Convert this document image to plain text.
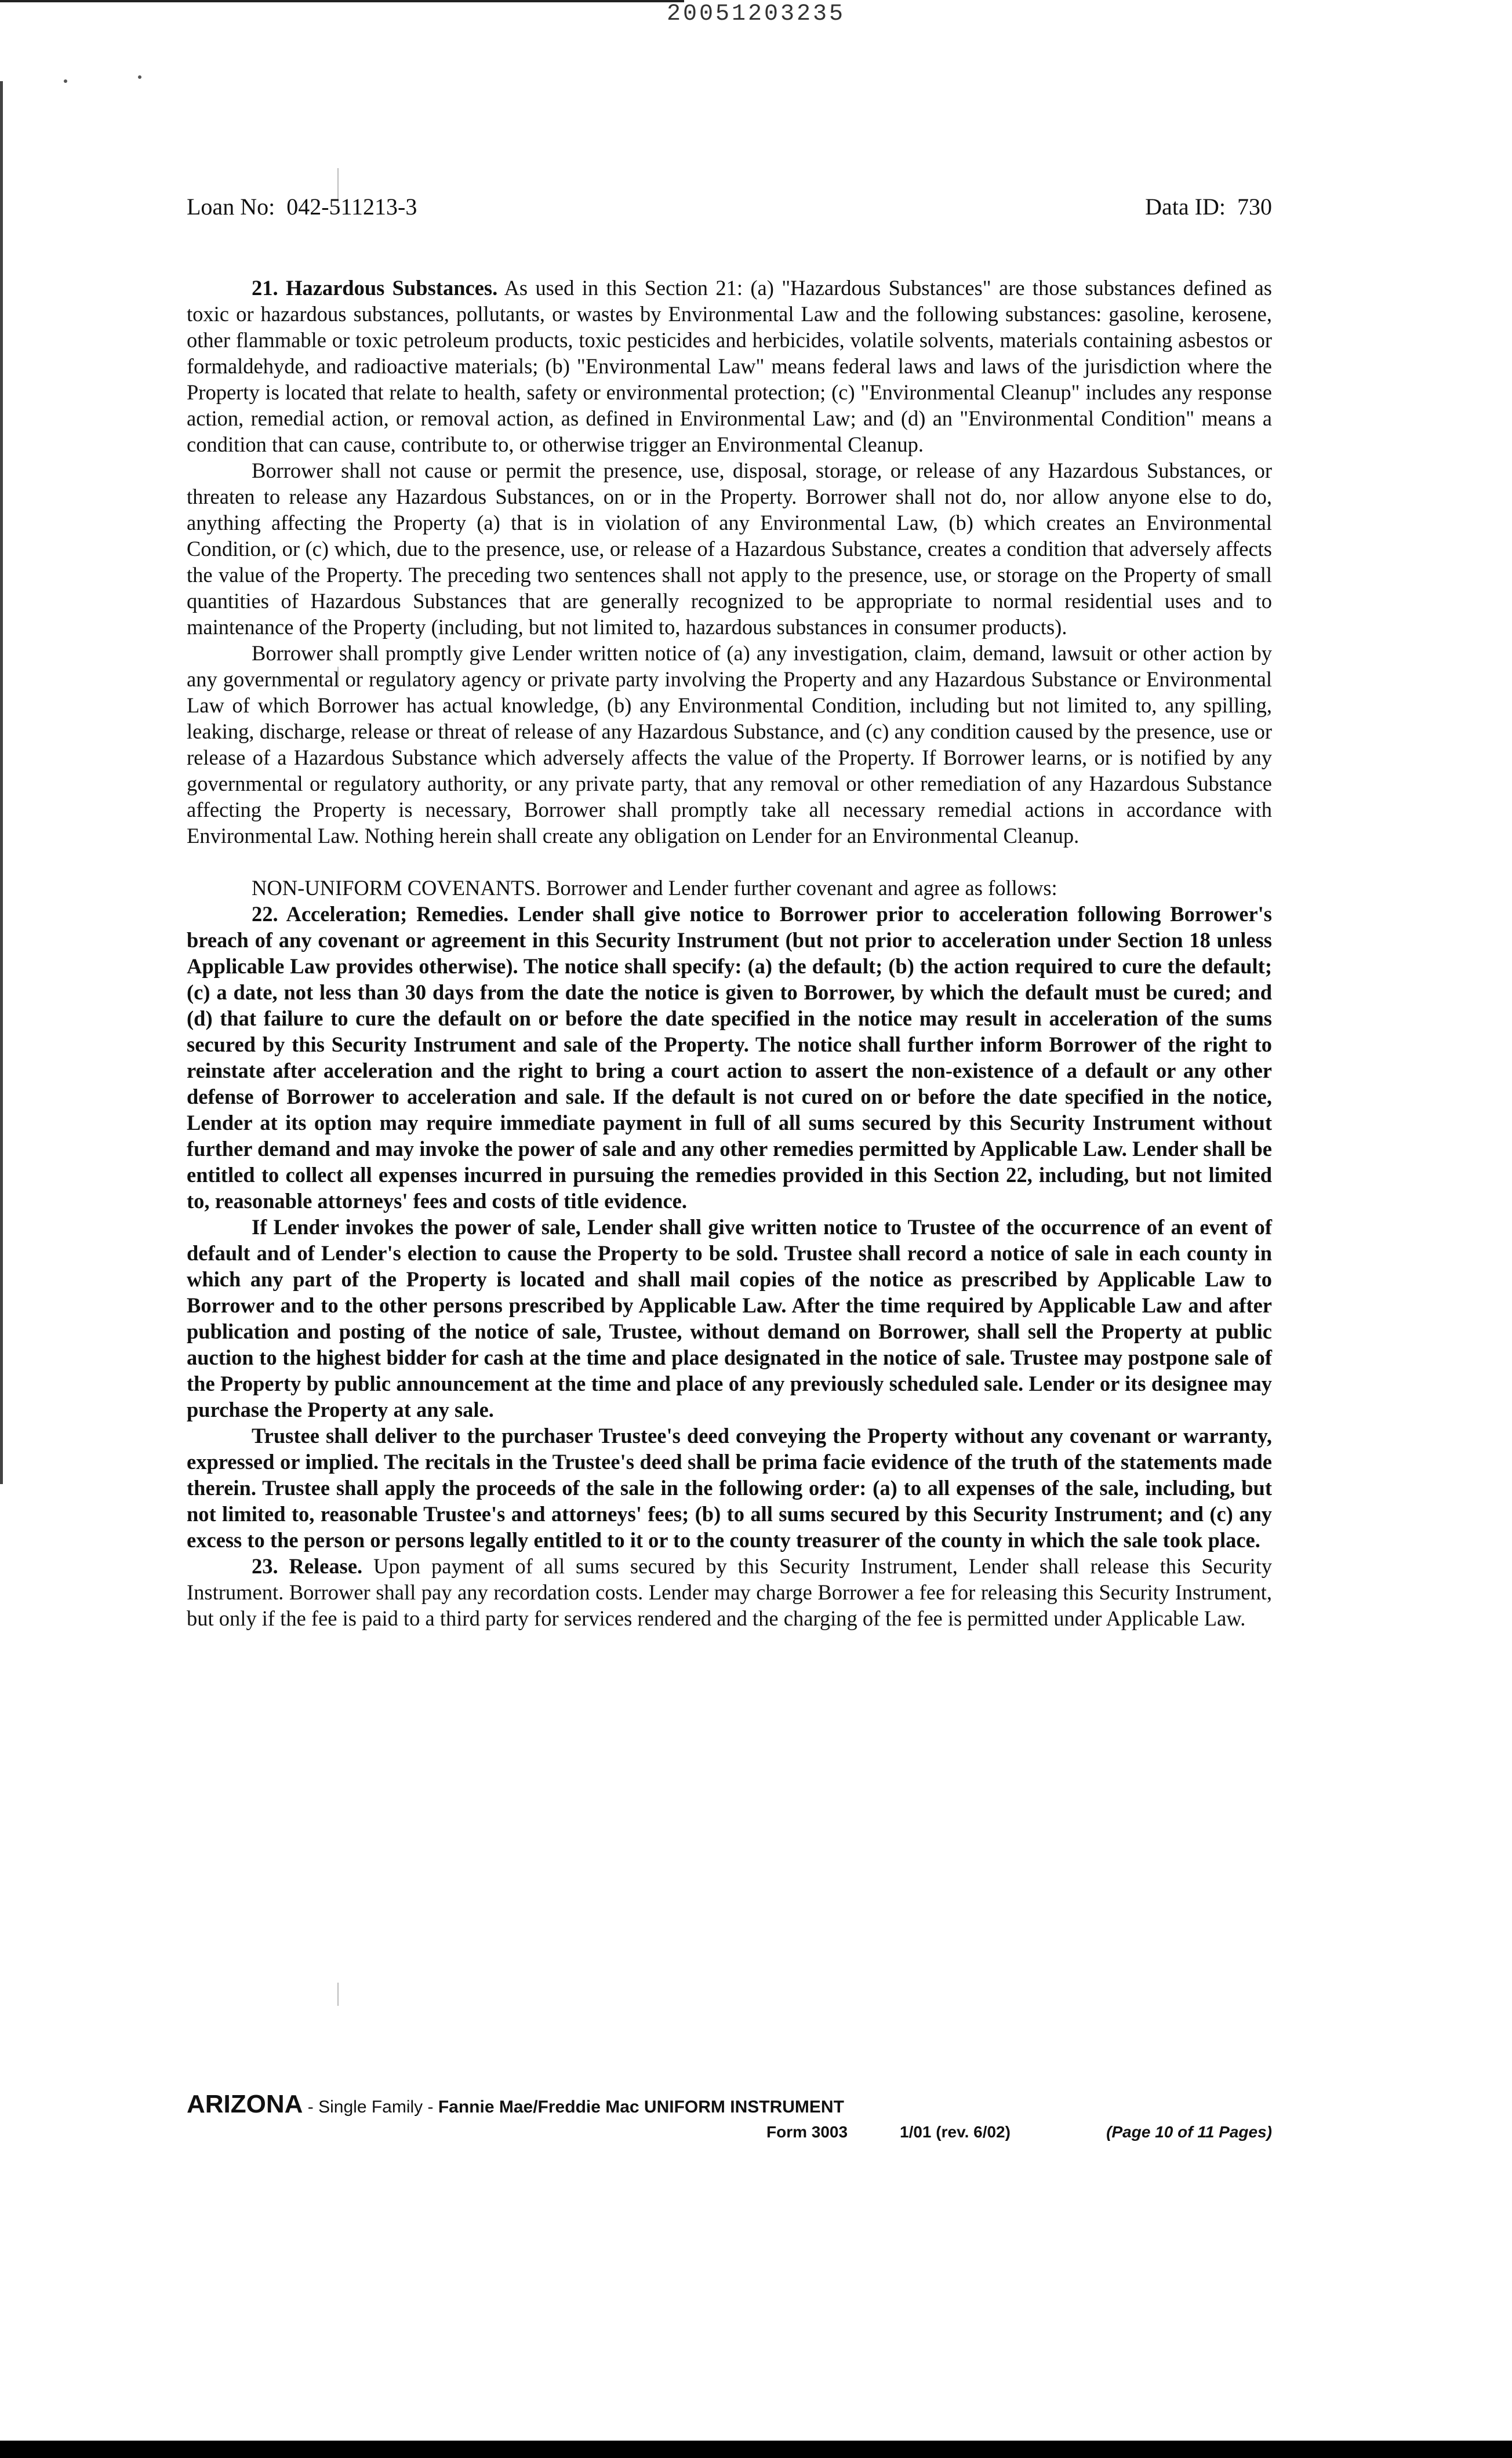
20051203235
Loan No:  042-511213-3	Data ID:  730

21. Hazardous Substances. As used in this Section 21: (a) "Hazardous Substances" are those substances defined as toxic or hazardous substances, pollutants, or wastes by Environmental Law and the following substances: gasoline, kerosene, other flammable or toxic petroleum products, toxic pesticides and herbicides, volatile solvents, materials containing asbestos or formaldehyde, and radioactive materials; (b) "Environmental Law" means federal laws and laws of the jurisdiction where the Property is located that relate to health, safety or environmental protection; (c) "Environmental Cleanup" includes any response action, remedial action, or removal action, as defined in Environmental Law; and (d) an "Environmental Condition" means a condition that can cause, contribute to, or otherwise trigger an Environmental Cleanup.

Borrower shall not cause or permit the presence, use, disposal, storage, or release of any Hazardous Substances, or threaten to release any Hazardous Substances, on or in the Property. Borrower shall not do, nor allow anyone else to do, anything affecting the Property (a) that is in violation of any Environmental Law, (b) which creates an Environmental Condition, or (c) which, due to the presence, use, or release of a Hazardous Substance, creates a condition that adversely affects the value of the Property. The preceding two sentences shall not apply to the presence, use, or storage on the Property of small quantities of Hazardous Substances that are generally recognized to be appropriate to normal residential uses and to maintenance of the Property (including, but not limited to, hazardous substances in consumer products).

Borrower shall promptly give Lender written notice of (a) any investigation, claim, demand, lawsuit or other action by any governmental or regulatory agency or private party involving the Property and any Hazardous Substance or Environmental Law of which Borrower has actual knowledge, (b) any Environmental Condition, including but not limited to, any spilling, leaking, discharge, release or threat of release of any Hazardous Substance, and (c) any condition caused by the presence, use or release of a Hazardous Substance which adversely affects the value of the Property. If Borrower learns, or is notified by any governmental or regulatory authority, or any private party, that any removal or other remediation of any Hazardous Substance affecting the Property is necessary, Borrower shall promptly take all necessary remedial actions in accordance with Environmental Law. Nothing herein shall create any obligation on Lender for an Environmental Cleanup.

NON-UNIFORM COVENANTS. Borrower and Lender further covenant and agree as follows:

22. Acceleration; Remedies. Lender shall give notice to Borrower prior to acceleration following Borrower's breach of any covenant or agreement in this Security Instrument (but not prior to acceleration under Section 18 unless Applicable Law provides otherwise). The notice shall specify: (a) the default; (b) the action required to cure the default; (c) a date, not less than 30 days from the date the notice is given to Borrower, by which the default must be cured; and (d) that failure to cure the default on or before the date specified in the notice may result in acceleration of the sums secured by this Security Instrument and sale of the Property. The notice shall further inform Borrower of the right to reinstate after acceleration and the right to bring a court action to assert the non-existence of a default or any other defense of Borrower to acceleration and sale. If the default is not cured on or before the date specified in the notice, Lender at its option may require immediate payment in full of all sums secured by this Security Instrument without further demand and may invoke the power of sale and any other remedies permitted by Applicable Law. Lender shall be entitled to collect all expenses incurred in pursuing the remedies provided in this Section 22, including, but not limited to, reasonable attorneys' fees and costs of title evidence.

If Lender invokes the power of sale, Lender shall give written notice to Trustee of the occurrence of an event of default and of Lender's election to cause the Property to be sold. Trustee shall record a notice of sale in each county in which any part of the Property is located and shall mail copies of the notice as prescribed by Applicable Law to Borrower and to the other persons prescribed by Applicable Law. After the time required by Applicable Law and after publication and posting of the notice of sale, Trustee, without demand on Borrower, shall sell the Property at public auction to the highest bidder for cash at the time and place designated in the notice of sale. Trustee may postpone sale of the Property by public announcement at the time and place of any previously scheduled sale. Lender or its designee may purchase the Property at any sale.

Trustee shall deliver to the purchaser Trustee's deed conveying the Property without any covenant or warranty, expressed or implied. The recitals in the Trustee's deed shall be prima facie evidence of the truth of the statements made therein. Trustee shall apply the proceeds of the sale in the following order: (a) to all expenses of the sale, including, but not limited to, reasonable Trustee's and attorneys' fees; (b) to all sums secured by this Security Instrument; and (c) any excess to the person or persons legally entitled to it or to the county treasurer of the county in which the sale took place.

23. Release. Upon payment of all sums secured by this Security Instrument, Lender shall release this Security Instrument. Borrower shall pay any recordation costs. Lender may charge Borrower a fee for releasing this Security Instrument, but only if the fee is paid to a third party for services rendered and the charging of the fee is permitted under Applicable Law.

ARIZONA - Single Family - Fannie Mae/Freddie Mac UNIFORM INSTRUMENT
Form 3003	1/01 (rev. 6/02)	(Page 10 of 11 Pages)
